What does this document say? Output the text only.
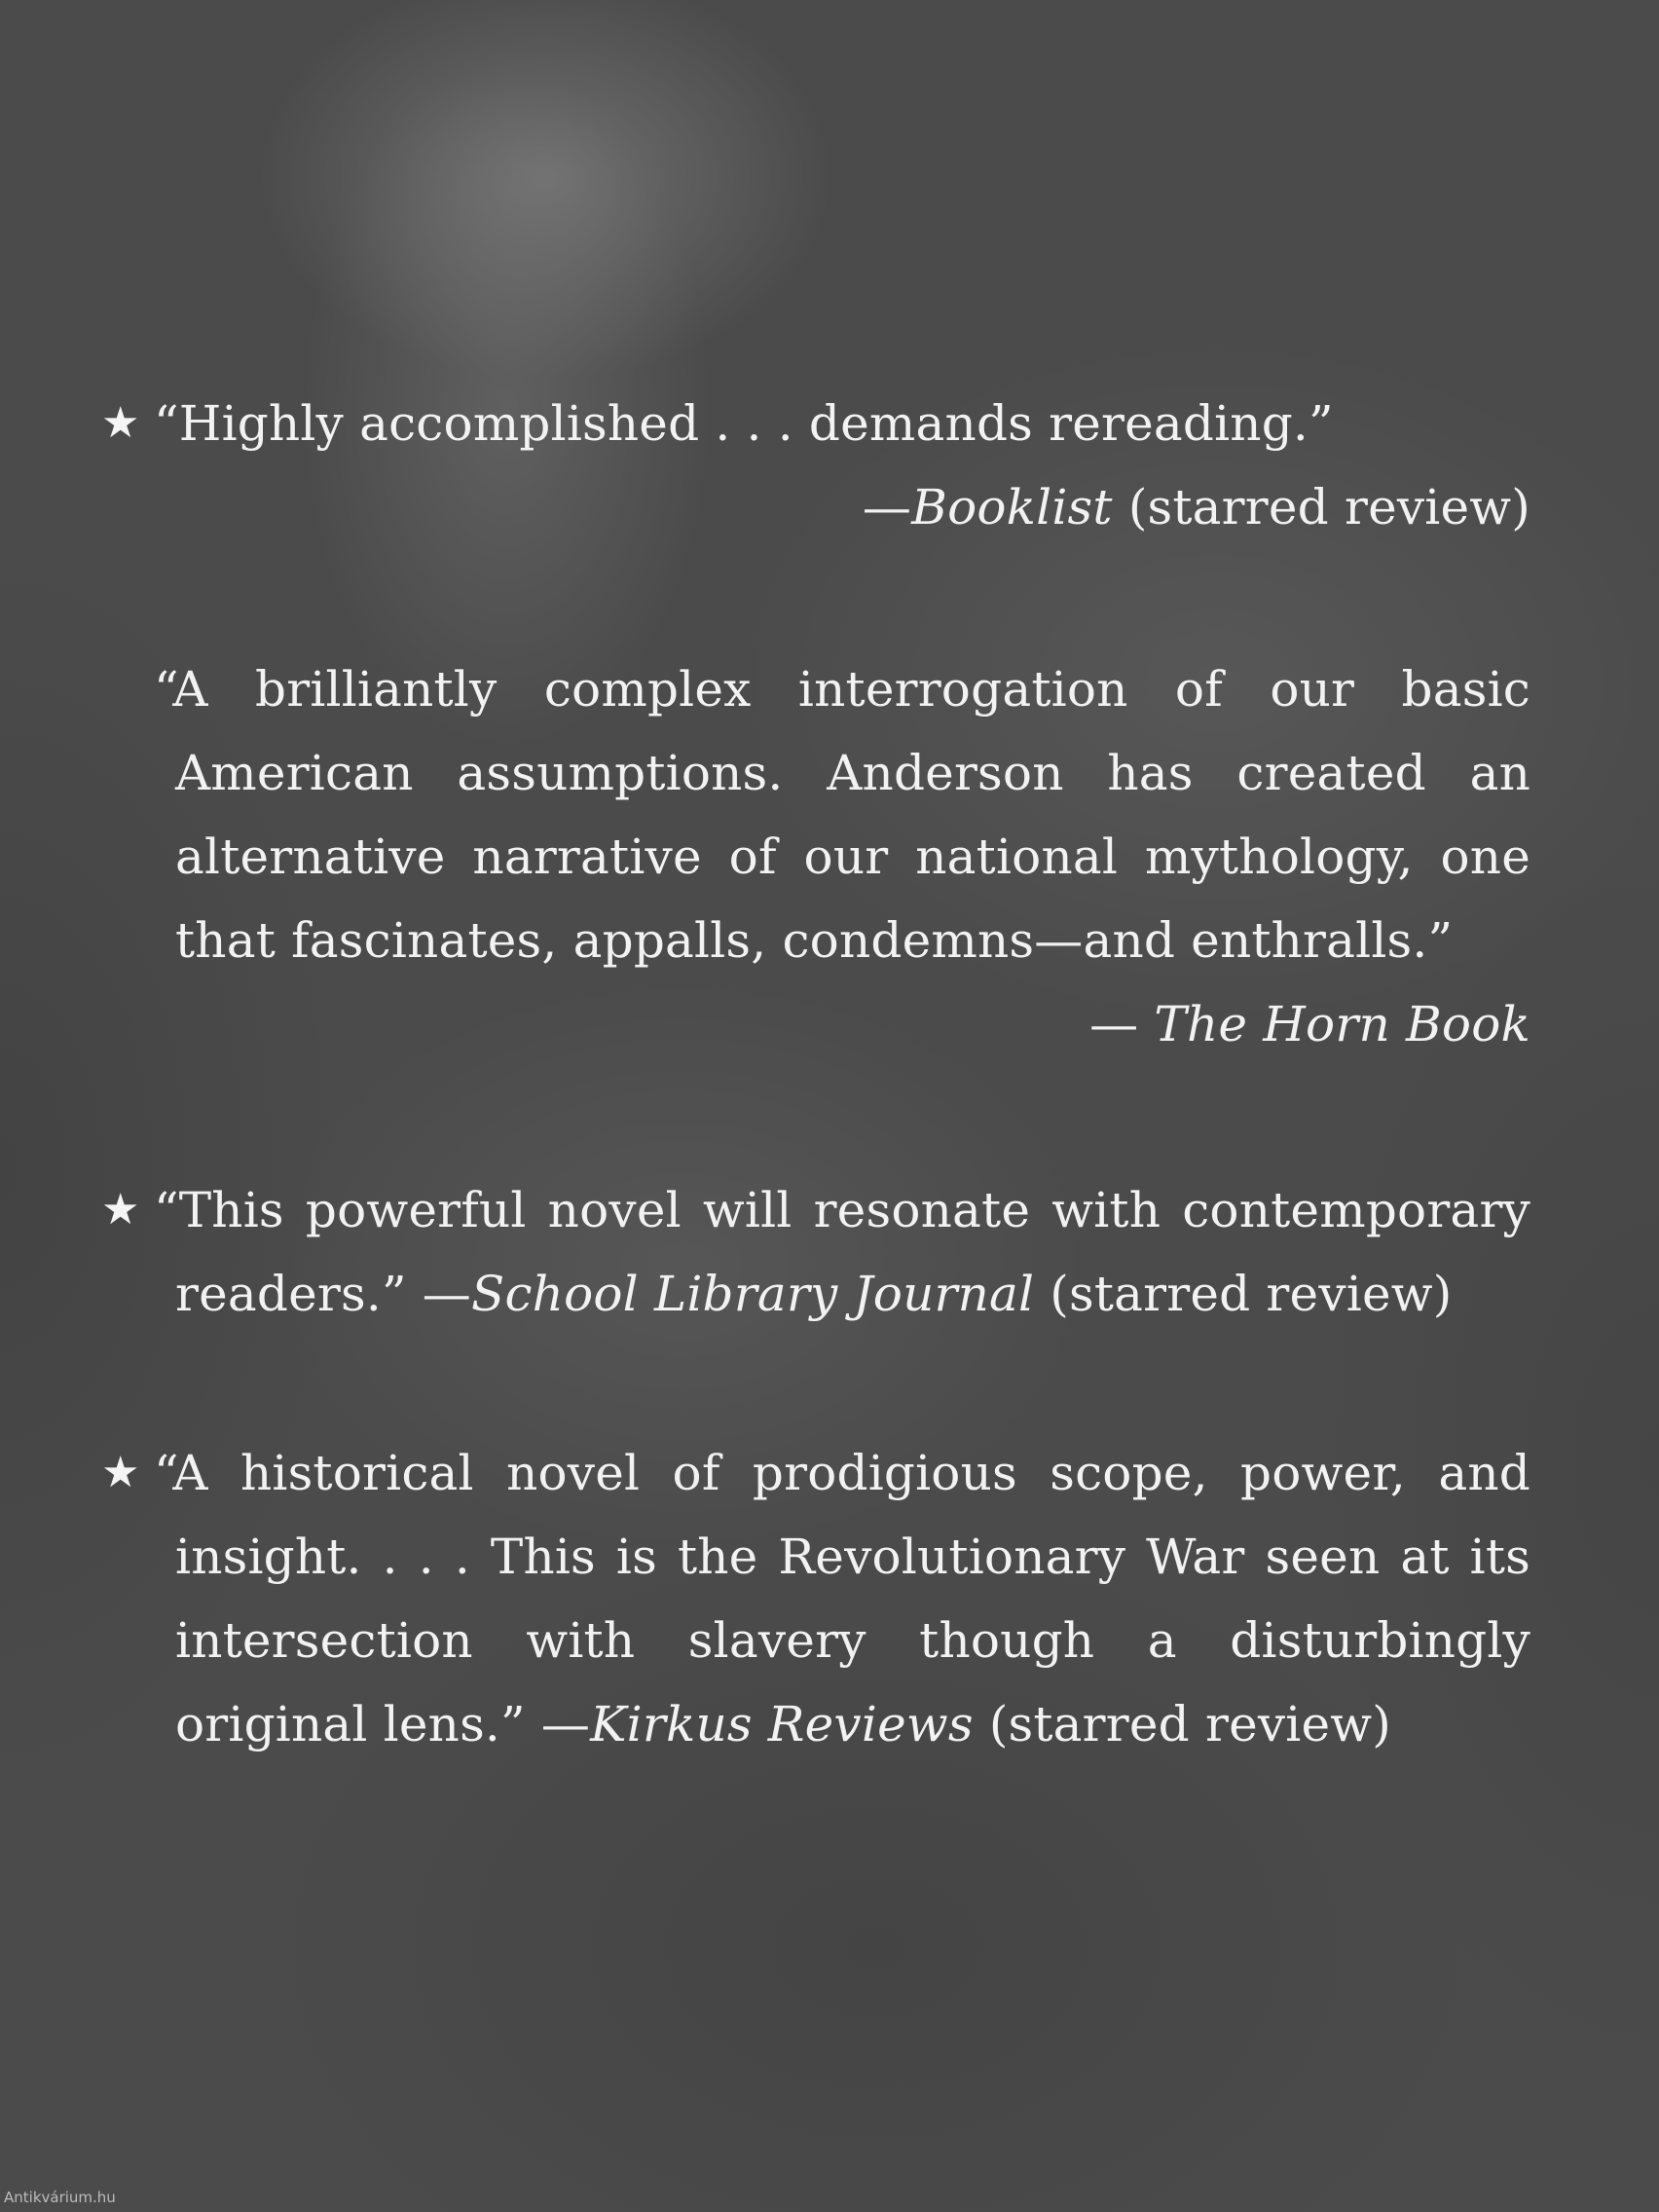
★ “Highly accomplished . . . demands rereading.”
—Booklist (starred review)
“A brilliantly complex interrogation of our basic American assumptions. Anderson has created an alternative narrative of our national mythology, one that fascinates, appalls, condemns—and enthralls.”
— The Horn Book
★ “This powerful novel will resonate with contemporary readers.” —School Library Journal (starred review)
★ “A historical novel of prodigious scope, power, and insight. . . . This is the Revolutionary War seen at its intersection with slavery though a disturbingly original lens.” —Kirkus Reviews (starred review)
Antikvárium.hu
